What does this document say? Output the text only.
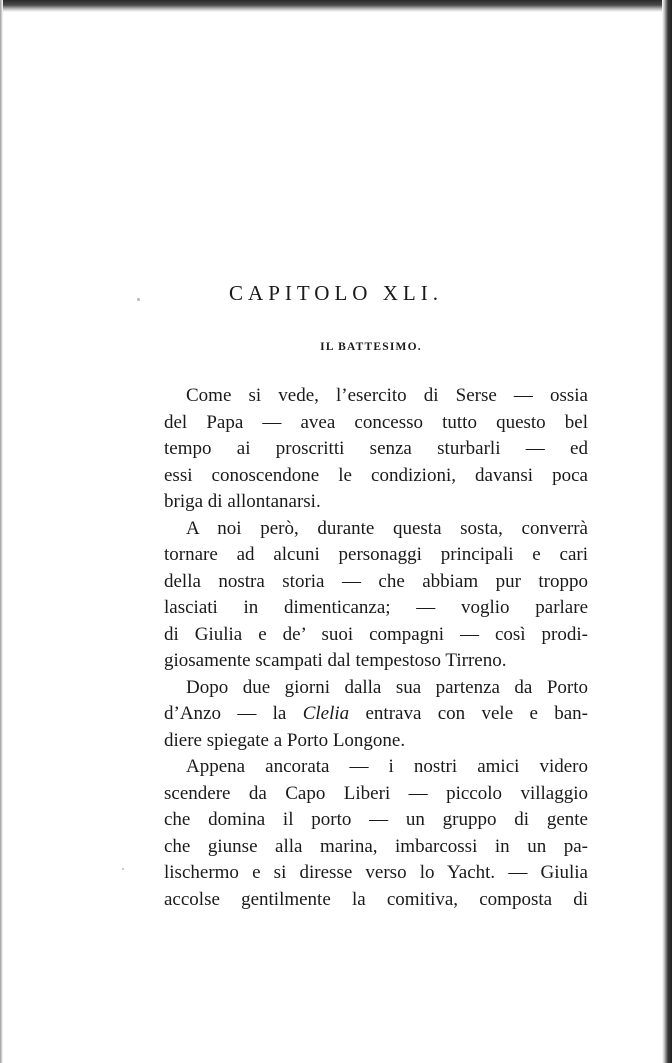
CAPITOLO XLI.
IL BATTESIMO.
Come si vede, l’esercito di Serse — ossia
del Papa — avea concesso tutto questo bel
tempo ai proscritti senza sturbarli — ed
essi conoscendone le condizioni, davansi poca
briga di allontanarsi.
A noi però, durante questa sosta, converrà
tornare ad alcuni personaggi principali e cari
della nostra storia — che abbiam pur troppo
lasciati in dimenticanza; — voglio parlare
di Giulia e de’ suoi compagni — così prodi-
giosamente scampati dal tempestoso Tirreno.
Dopo due giorni dalla sua partenza da Porto
d’Anzo — la Clelia entrava con vele e ban-
diere spiegate a Porto Longone.
Appena ancorata — i nostri amici videro
scendere da Capo Liberi — piccolo villaggio
che domina il porto — un gruppo di gente
che giunse alla marina, imbarcossi in un pa-
lischermo e si diresse verso lo Yacht. — Giulia
accolse gentilmente la comitiva, composta di
